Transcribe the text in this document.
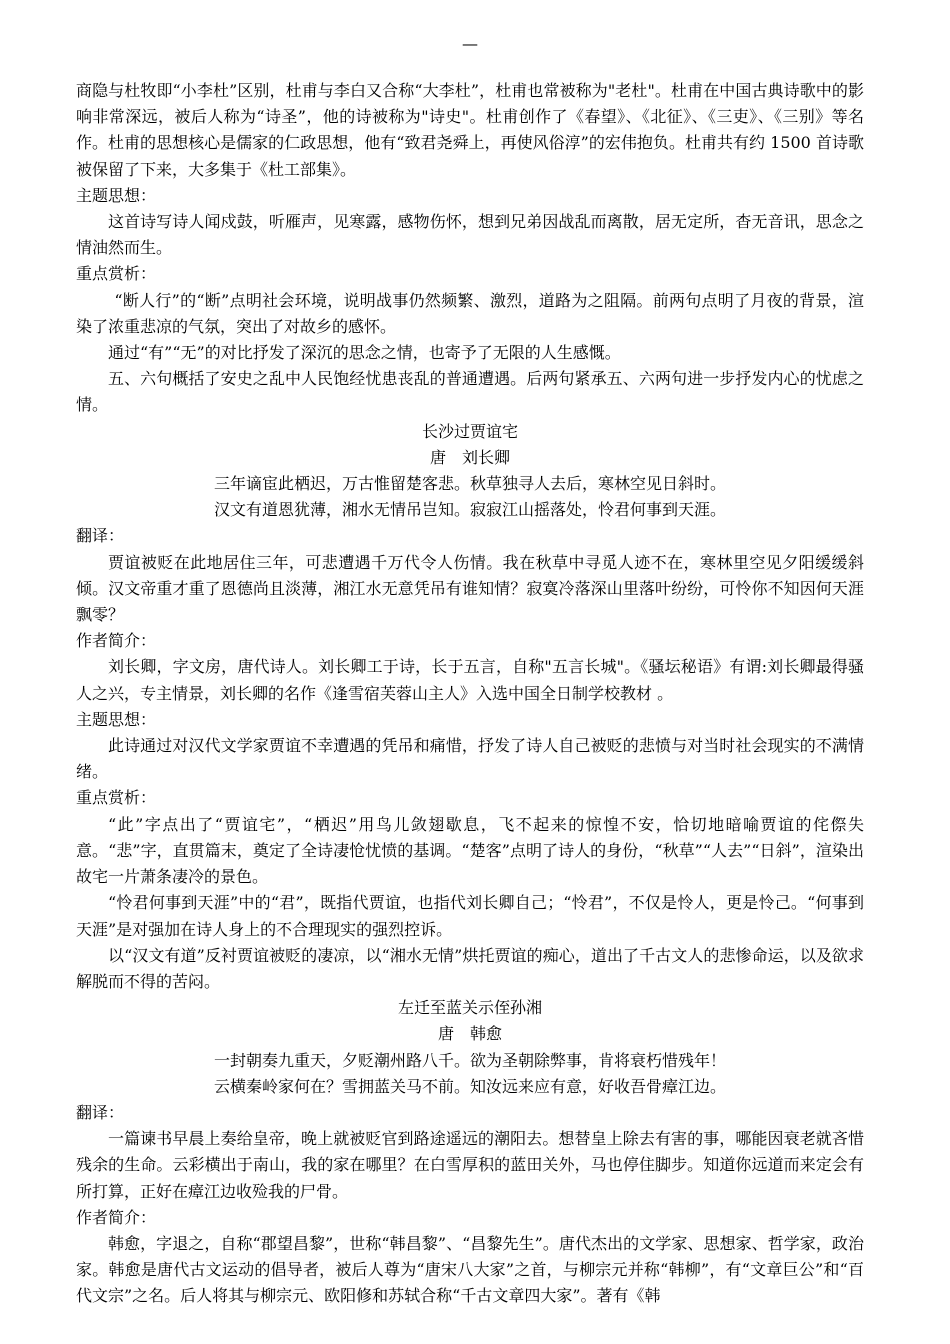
—

商隐与杜牧即“小李杜”区别，杜甫与李白又合称“大李杜”，杜甫也常被称为"老杜"。杜甫在中国古典诗歌中的影响非常深远，被后人称为“诗圣”，他的诗被称为"诗史"。杜甫创作了《春望》、《北征》、《三吏》、《三别》等名作。杜甫的思想核心是儒家的仁政思想，他有“致君尧舜上，再使风俗淳”的宏伟抱负。杜甫共有约 1500 首诗歌被保留了下来，大多集于《杜工部集》。

主题思想：

这首诗写诗人闻戍鼓，听雁声，见寒露，感物伤怀，想到兄弟因战乱而离散，居无定所，杳无音讯，思念之情油然而生。

重点赏析：

“断人行”的“断”点明社会环境，说明战事仍然频繁、激烈，道路为之阻隔。前两句点明了月夜的背景，渲染了浓重悲凉的气氛，突出了对故乡的感怀。

通过“有”“无”的对比抒发了深沉的思念之情，也寄予了无限的人生感慨。

五、六句概括了安史之乱中人民饱经忧患丧乱的普通遭遇。后两句紧承五、六两句进一步抒发内心的忧虑之情。

长沙过贾谊宅

唐　刘长卿

三年谪宦此栖迟，万古惟留楚客悲。秋草独寻人去后，寒林空见日斜时。

汉文有道恩犹薄，湘水无情吊岂知。寂寂江山摇落处，怜君何事到天涯。

翻译：

贾谊被贬在此地居住三年，可悲遭遇千万代令人伤情。我在秋草中寻觅人迹不在，寒林里空见夕阳缓缓斜倾。汉文帝重才重了恩德尚且淡薄，湘江水无意凭吊有谁知情？寂寞冷落深山里落叶纷纷，可怜你不知因何天涯飘零？

作者简介：

刘长卿，字文房，唐代诗人。刘长卿工于诗，长于五言，自称"五言长城"。《骚坛秘语》有谓:刘长卿最得骚人之兴，专主情景，刘长卿的名作《逢雪宿芙蓉山主人》入选中国全日制学校教材 。

主题思想：

此诗通过对汉代文学家贾谊不幸遭遇的凭吊和痛惜，抒发了诗人自己被贬的悲愤与对当时社会现实的不满情绪。

重点赏析：

“此”字点出了“贾谊宅”，“栖迟”用鸟儿敛翅歇息，飞不起来的惊惶不安，恰切地暗喻贾谊的侘傺失意。“悲”字，直贯篇末，奠定了全诗凄怆忧愤的基调。“楚客”点明了诗人的身份，“秋草”“人去”“日斜”，渲染出故宅一片萧条凄冷的景色。

“怜君何事到天涯”中的“君”，既指代贾谊，也指代刘长卿自己；“怜君”，不仅是怜人，更是怜己。“何事到天涯”是对强加在诗人身上的不合理现实的强烈控诉。

以“汉文有道”反衬贾谊被贬的凄凉，以“湘水无情”烘托贾谊的痴心，道出了千古文人的悲惨命运，以及欲求解脱而不得的苦闷。

左迁至蓝关示侄孙湘

唐　韩愈

一封朝奏九重天，夕贬潮州路八千。欲为圣朝除弊事，肯将衰朽惜残年！

云横秦岭家何在？雪拥蓝关马不前。知汝远来应有意，好收吾骨瘴江边。

翻译：

一篇谏书早晨上奏给皇帝，晚上就被贬官到路途遥远的潮阳去。想替皇上除去有害的事，哪能因衰老就吝惜残余的生命。云彩横出于南山，我的家在哪里？在白雪厚积的蓝田关外，马也停住脚步。知道你远道而来定会有所打算，正好在瘴江边收殓我的尸骨。

作者简介：

韩愈，字退之，自称“郡望昌黎”，世称“韩昌黎”、“昌黎先生”。唐代杰出的文学家、思想家、哲学家，政治家。韩愈是唐代古文运动的倡导者，被后人尊为“唐宋八大家”之首，与柳宗元并称“韩柳”，有“文章巨公”和“百代文宗”之名。后人将其与柳宗元、欧阳修和苏轼合称“千古文章四大家”。著有《韩
